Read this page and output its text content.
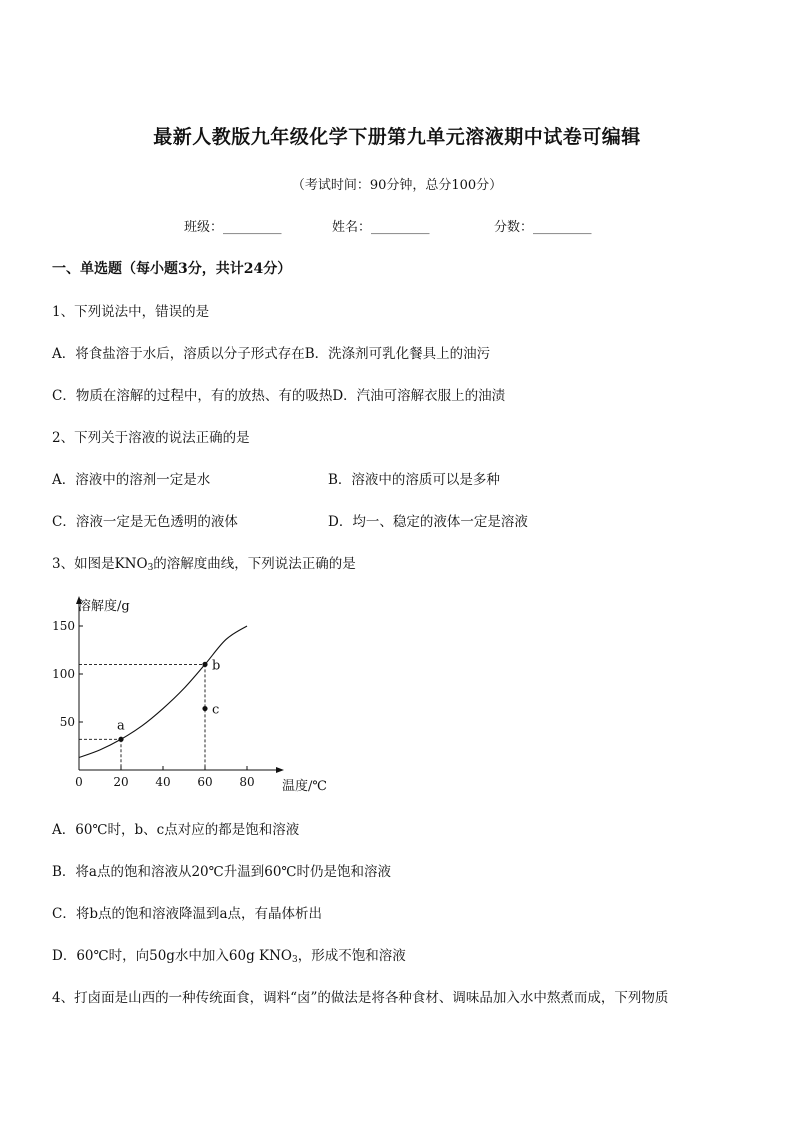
最新人教版九年级化学下册第九单元溶液期中试卷可编辑
（考试时间：90分钟，总分100分）
班级：_________	姓名：_________	分数：_________
一、单选题（每小题3分，共计24分）
1、下列说法中，错误的是
A．将食盐溶于水后，溶质以分子形式存在B．洗涤剂可乳化餐具上的油污
C．物质在溶解的过程中，有的放热、有的吸热D．汽油可溶解衣服上的油渍
2、下列关于溶液的说法正确的是
A．溶液中的溶剂一定是水	B．溶液中的溶质可以是多种
C．溶液一定是无色透明的液体	D．均一、稳定的液体一定是溶液
3、如图是$KNO_3$的溶解度曲线，下列说法正确的是
溶解度/g
温度/℃
0	20 40 60 80
50
100
150
a
b
c
A．60℃时，b、c点对应的都是饱和溶液
B．将a点的饱和溶液从20℃升温到60℃时仍是饱和溶液
C．将b点的饱和溶液降温到a点，有晶体析出
D．60℃时，向50g水中加入60g $KNO_3$，形成不饱和溶液
4、打卤面是山西的一种传统面食，调料“卤”的做法是将各种食材、调味品加入水中熬煮而成，下列物质
